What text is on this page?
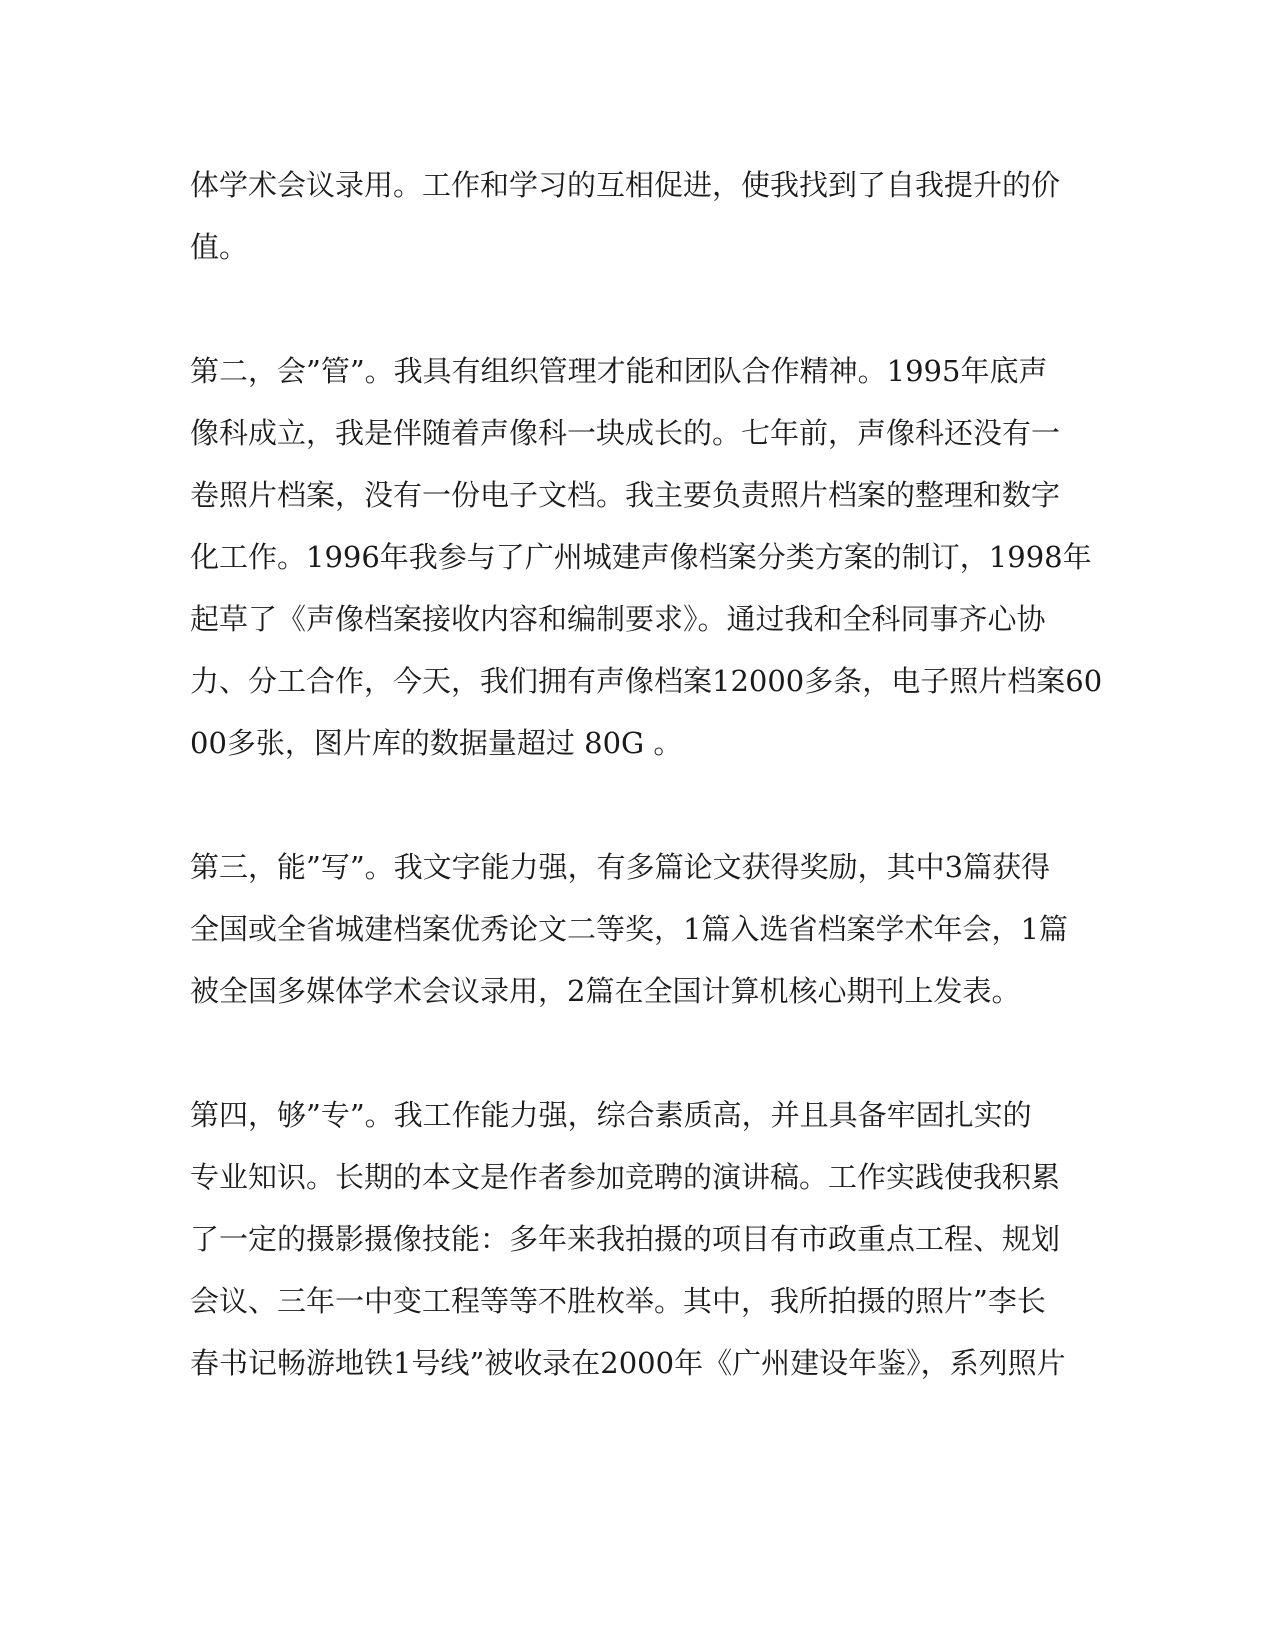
体学术会议录用。工作和学习的互相促进，使我找到了自我提升的价

值。

第二，会”管”。我具有组织管理才能和团队合作精神。1995年底声

像科成立，我是伴随着声像科一块成长的。七年前，声像科还没有一

卷照片档案，没有一份电子文档。我主要负责照片档案的整理和数字

化工作。1996年我参与了广州城建声像档案分类方案的制订，1998年

起草了《声像档案接收内容和编制要求》。通过我和全科同事齐心协

力、分工合作，今天，我们拥有声像档案12000多条，电子照片档案60

00多张，图片库的数据量超过 80G 。

第三，能”写”。我文字能力强，有多篇论文获得奖励，其中3篇获得

全国或全省城建档案优秀论文二等奖，1篇入选省档案学术年会，1篇

被全国多媒体学术会议录用，2篇在全国计算机核心期刊上发表。

第四，够”专”。我工作能力强，综合素质高，并且具备牢固扎实的

专业知识。长期的本文是作者参加竞聘的演讲稿。工作实践使我积累

了一定的摄影摄像技能：多年来我拍摄的项目有市政重点工程、规划

会议、三年一中变工程等等不胜枚举。其中，我所拍摄的照片”李长

春书记畅游地铁1号线”被收录在2000年《广州建设年鉴》，系列照片
